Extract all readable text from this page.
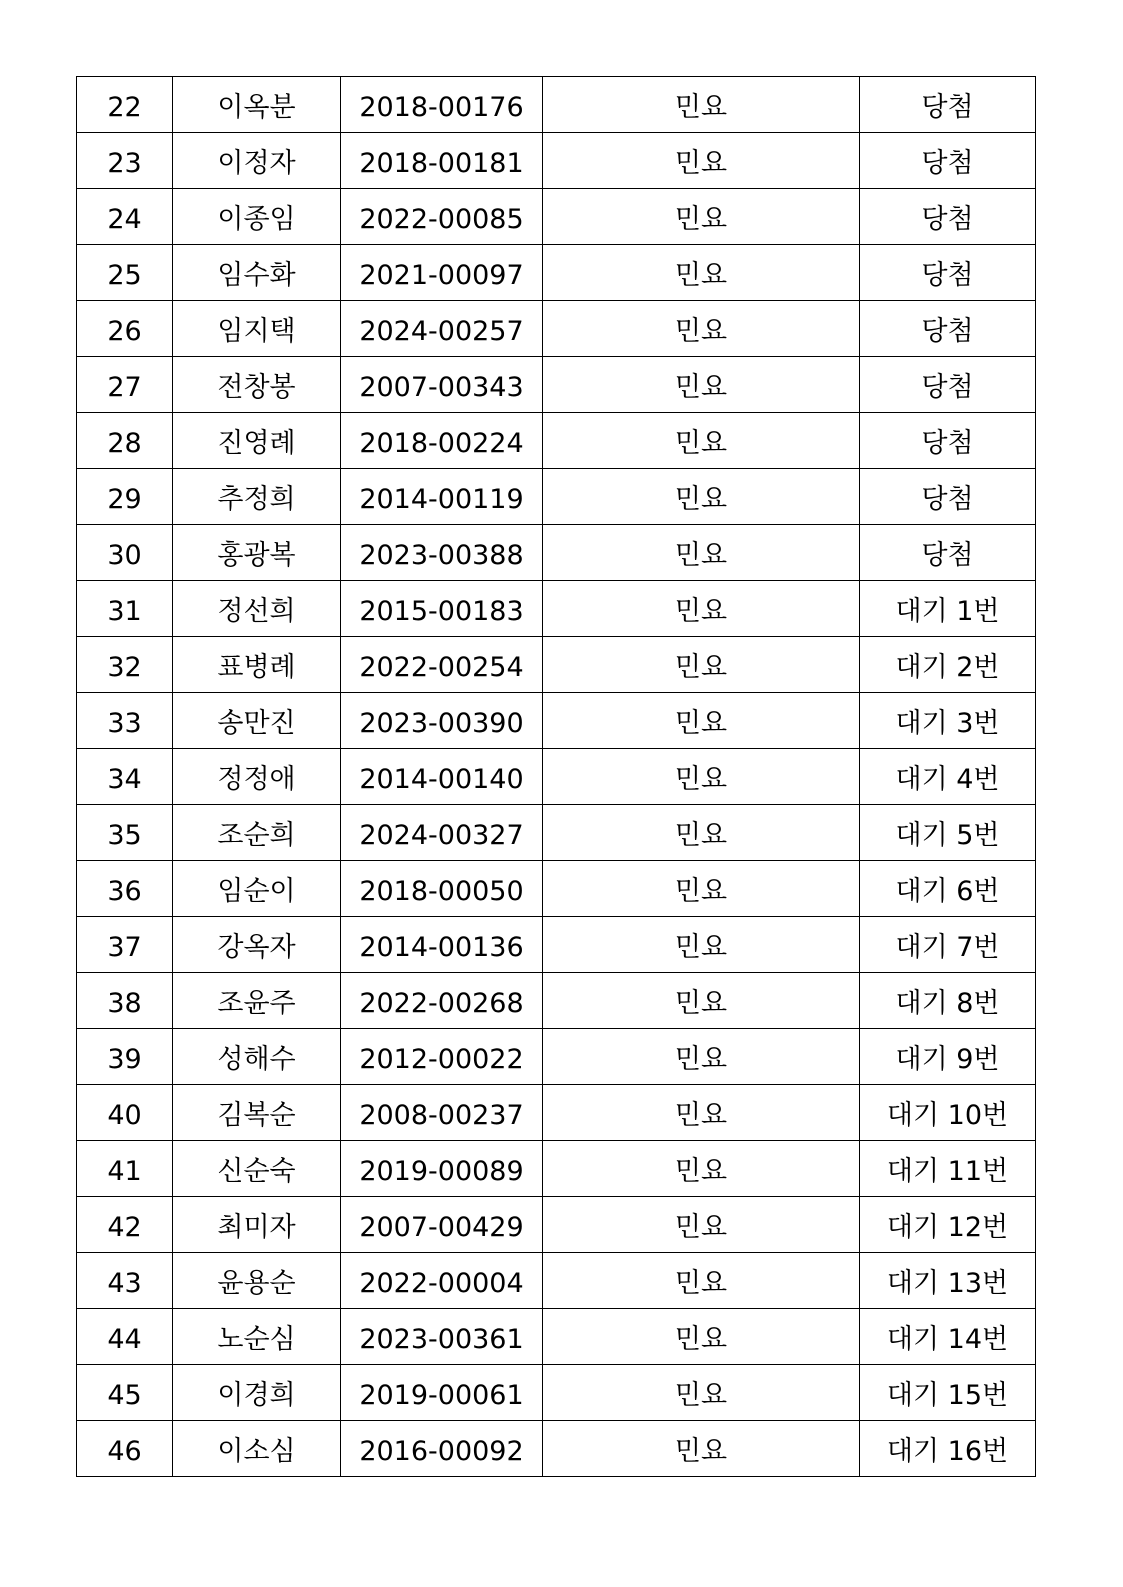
22	이옥분	2018-00176	민요	당첨
23	이정자	2018-00181	민요	당첨
24	이종임	2022-00085	민요	당첨
25	임수화	2021-00097	민요	당첨
26	임지택	2024-00257	민요	당첨
27	전창봉	2007-00343	민요	당첨
28	진영례	2018-00224	민요	당첨
29	추정희	2014-00119	민요	당첨
30	홍광복	2023-00388	민요	당첨
31	정선희	2015-00183	민요	대기 1번
32	표병례	2022-00254	민요	대기 2번
33	송만진	2023-00390	민요	대기 3번
34	정정애	2014-00140	민요	대기 4번
35	조순희	2024-00327	민요	대기 5번
36	임순이	2018-00050	민요	대기 6번
37	강옥자	2014-00136	민요	대기 7번
38	조윤주	2022-00268	민요	대기 8번
39	성해수	2012-00022	민요	대기 9번
40	김복순	2008-00237	민요	대기 10번
41	신순숙	2019-00089	민요	대기 11번
42	최미자	2007-00429	민요	대기 12번
43	윤용순	2022-00004	민요	대기 13번
44	노순심	2023-00361	민요	대기 14번
45	이경희	2019-00061	민요	대기 15번
46	이소심	2016-00092	민요	대기 16번
